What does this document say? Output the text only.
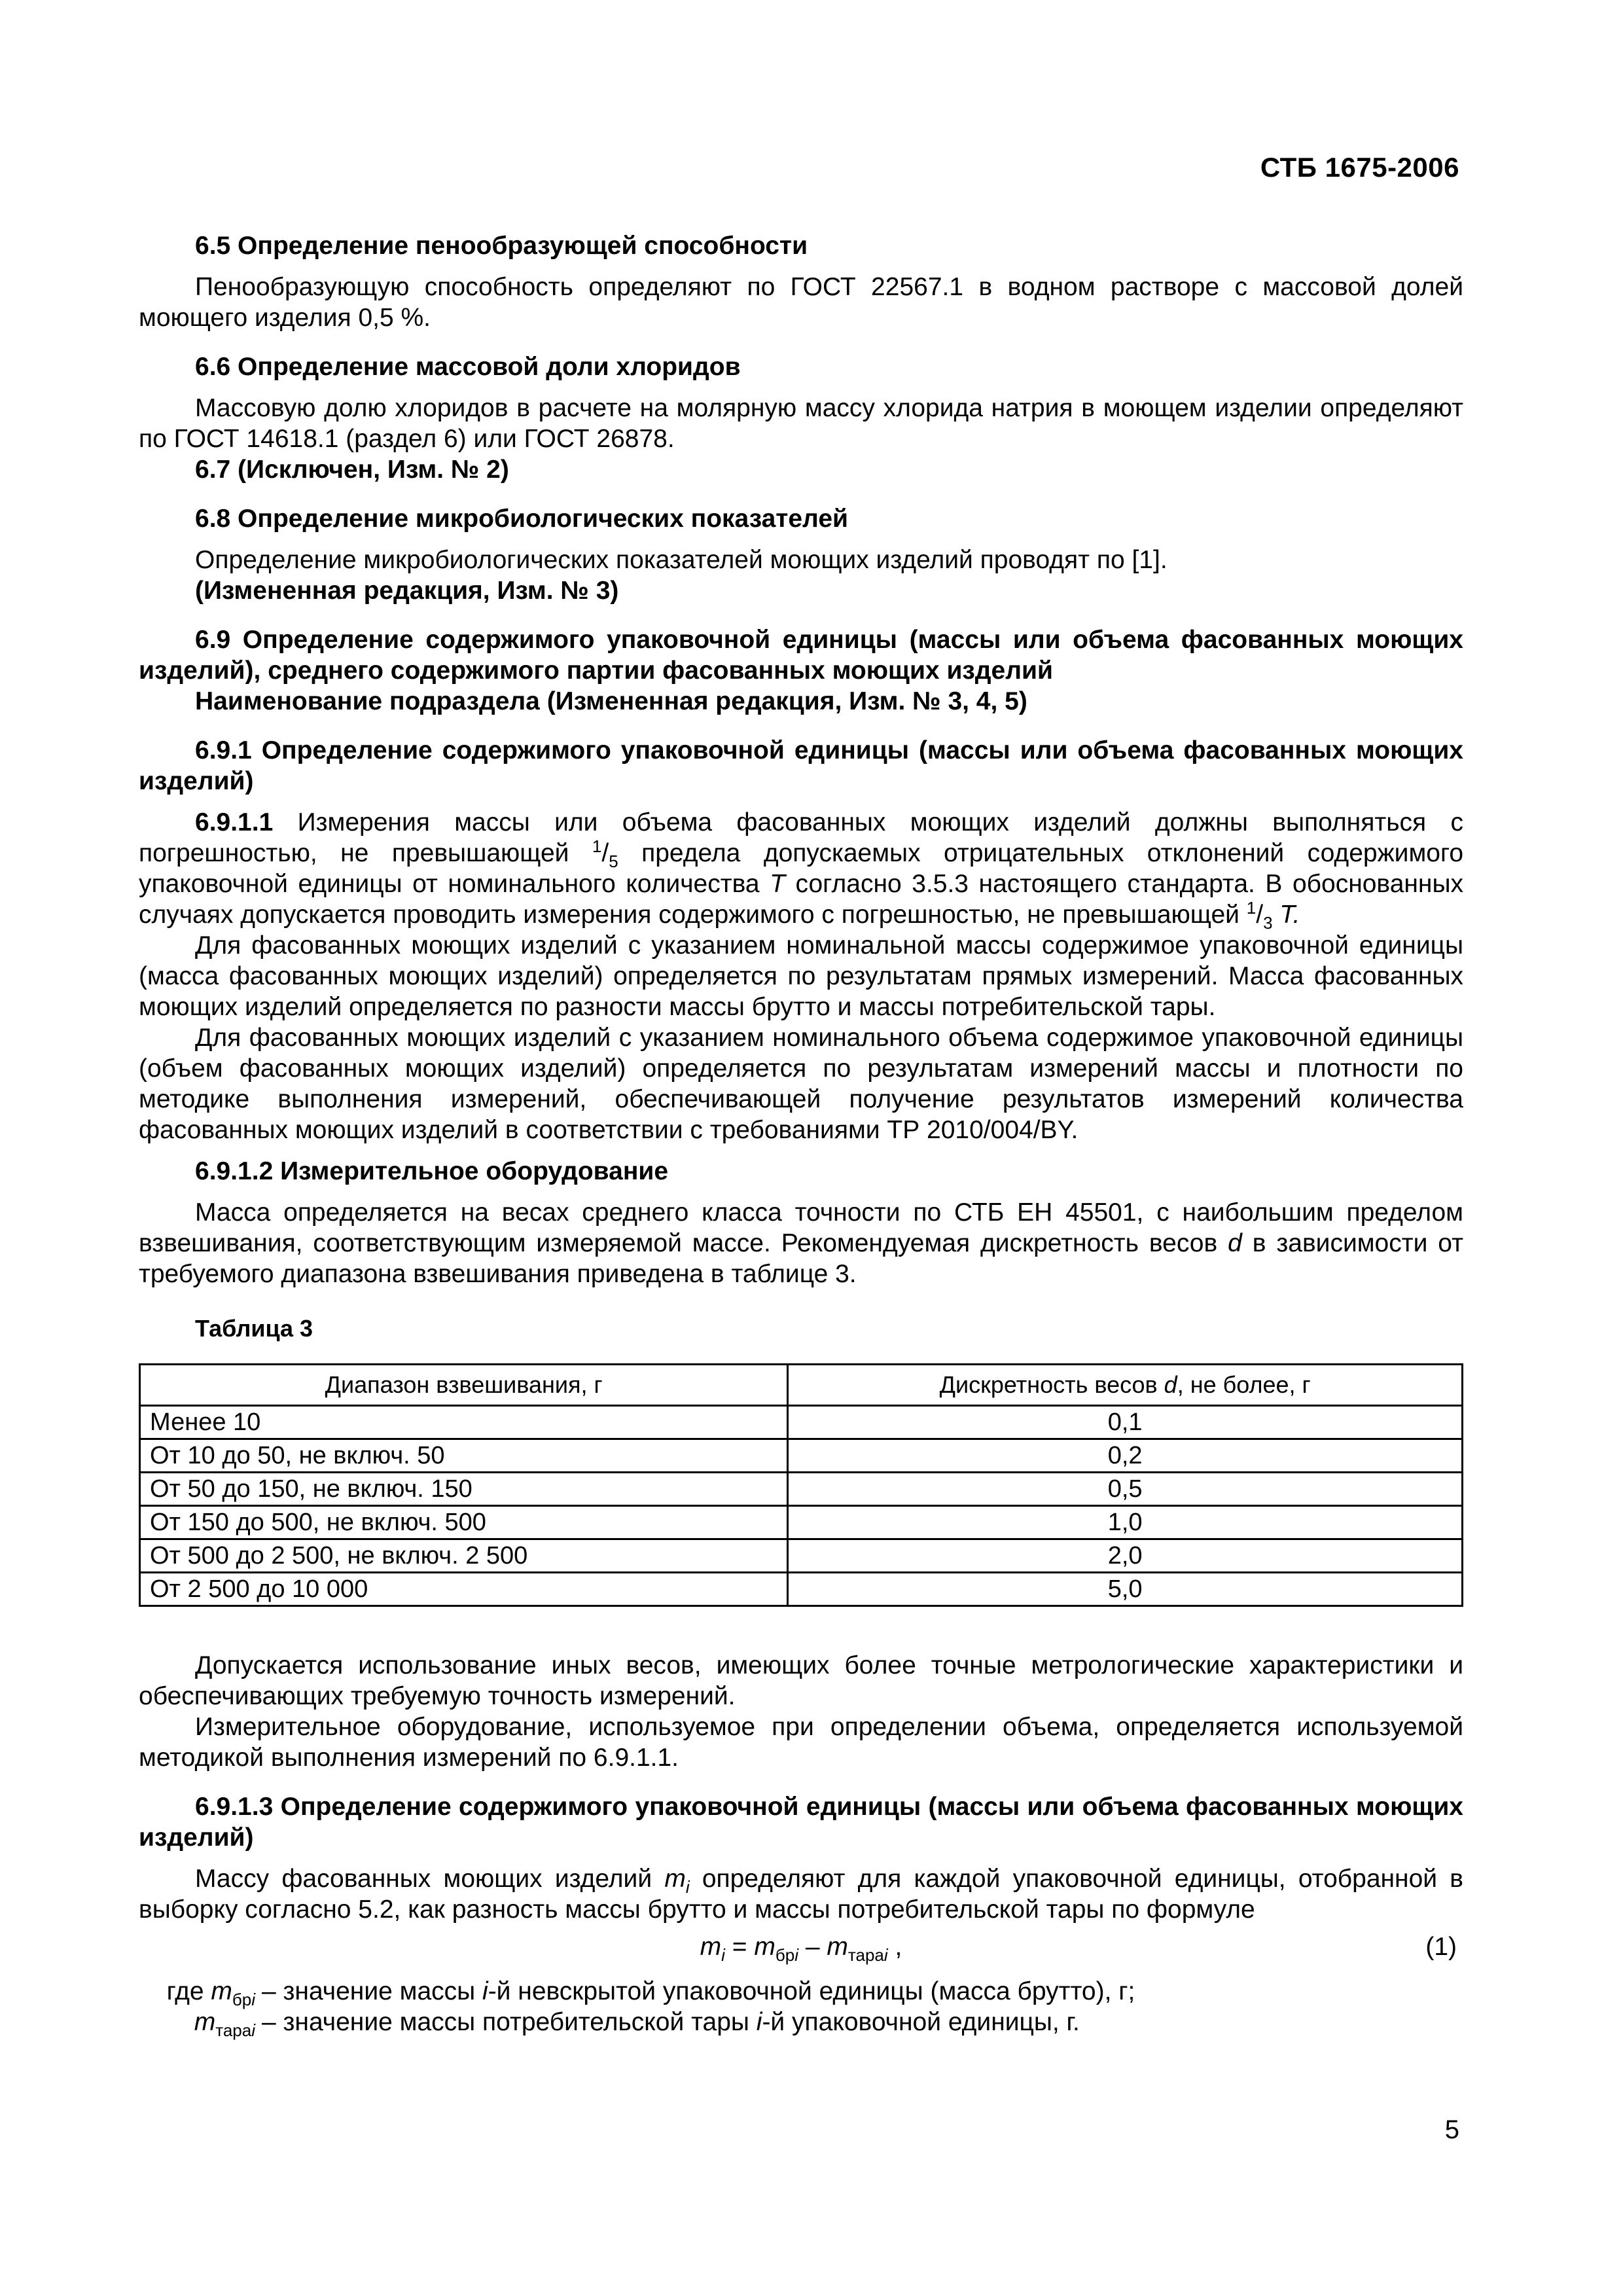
СТБ 1675-2006

6.5 Определение пенообразующей способности

Пенообразующую способность определяют по ГОСТ 22567.1 в водном растворе с массовой долей моющего изделия 0,5 %.

6.6 Определение массовой доли хлоридов

Массовую долю хлоридов в расчете на молярную массу хлорида натрия в моющем изделии определяют по ГОСТ 14618.1 (раздел 6) или ГОСТ 26878.

6.7 (Исключен, Изм. № 2)

6.8 Определение микробиологических показателей

Определение микробиологических показателей моющих изделий проводят по [1].

(Измененная редакция, Изм. № 3)

6.9 Определение содержимого упаковочной единицы (массы или объема фасованных моющих изделий), среднего содержимого партии фасованных моющих изделий

Наименование подраздела (Измененная редакция, Изм. № 3, 4, 5)

6.9.1 Определение содержимого упаковочной единицы (массы или объема фасованных моющих изделий)

6.9.1.1 Измерения массы или объема фасованных моющих изделий должны выполняться с погрешностью, не превышающей $^1/_5$ предела допускаемых отрицательных отклонений содержимого упаковочной единицы от номинального количества T согласно 3.5.3 настоящего стандарта. В обоснованных случаях допускается проводить измерения содержимого с погрешностью, не превышающей $^1/_3$ T.

Для фасованных моющих изделий с указанием номинальной массы содержимое упаковочной единицы (масса фасованных моющих изделий) определяется по результатам прямых измерений. Масса фасованных моющих изделий определяется по разности массы брутто и массы потребительской тары.

Для фасованных моющих изделий с указанием номинального объема содержимое упаковочной единицы (объем фасованных моющих изделий) определяется по результатам измерений массы и плотности по методике выполнения измерений, обеспечивающей получение результатов измерений количества фасованных моющих изделий в соответствии с требованиями ТР 2010/004/BY.

6.9.1.2 Измерительное оборудование

Масса определяется на весах среднего класса точности по СТБ ЕН 45501, с наибольшим пределом взвешивания, соответствующим измеряемой массе. Рекомендуемая дискретность весов d в зависимости от требуемого диапазона взвешивания приведена в таблице 3.

Таблица 3
Диапазон взвешивания, г	Дискретность весов d, не более, г
Менее 10	0,1
От 10 до 50, не включ. 50	0,2
От 50 до 150, не включ. 150	0,5
От 150 до 500, не включ. 500	1,0
От 500 до 2 500, не включ. 2 500	2,0
От 2 500 до 10 000	5,0

Допускается использование иных весов, имеющих более точные метрологические характеристики и обеспечивающих требуемую точность измерений.

Измерительное оборудование, используемое при определении объема, определяется используемой методикой выполнения измерений по 6.9.1.1.

6.9.1.3 Определение содержимого упаковочной единицы (массы или объема фасованных моющих изделий)

Массу фасованных моющих изделий $m_i$ определяют для каждой упаковочной единицы, отобранной в выборку согласно 5.2, как разность массы брутто и массы потребительской тары по формуле

$m_i = m_{брi} - m_{тараi}$ ,	(1)
где $m_{брi}$ – значение массы i-й невскрытой упаковочной единицы (масса брутто), г;
$m_{тараi}$ – значение массы потребительской тары i-й упаковочной единицы, г.
5
